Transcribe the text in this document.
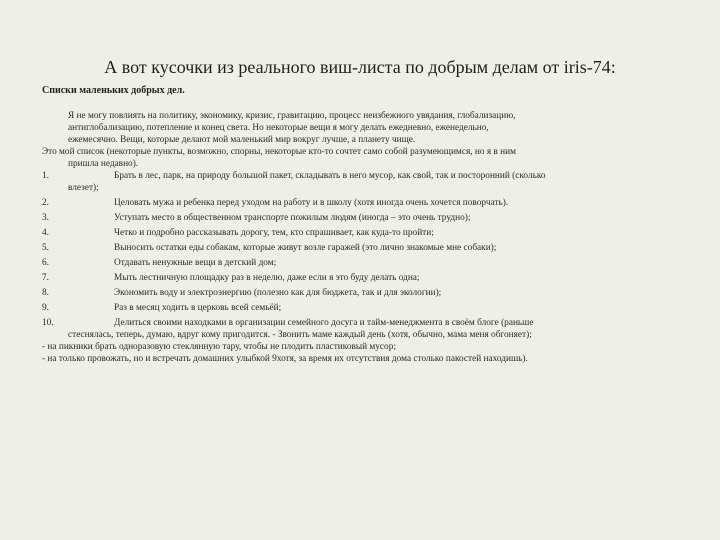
А вот кусочки из реального виш-листа по добрым делам от iris-74:
Списки маленьких добрых дел.

Я не могу повлиять на политику, экономику, кризис, гравитацию, процесс неизбежного увядания, глобализацию,
антиглобализацию, потепление и конец света. Но некоторые вещи я могу делать ежедневно, еженедельно,
ежемесячно. Вещи, которые делают мой маленький мир вокруг лучше, а планету чище.

Это мой список (некоторые пункты, возможно, спорны, некоторые кто-то сочтет само собой разумеющимся, но я в ним
пришла недавно).

1.	Брать в лес, парк, на природу большой пакет, складывать в него мусор, как свой, так и посторонний (сколько
влезет);
2.	Целовать мужа и ребенка перед уходом на работу и в школу (хотя иногда очень хочется поворчать).
3.	Уступать место в общественном транспорте пожилым людям (иногда – это очень трудно);
4.	Четко и подробно рассказывать дорогу, тем, кто спрашивает, как куда-то пройти;
5.	Выносить остатки еды собакам, которые живут возле гаражей (это лично знакомые мне собаки);
6.	Отдавать ненужные вещи в детский дом;
7.	Мыть лестничную площадку раз в неделю, даже если я это буду делать одна;
8.	Экономить воду и электроэнергию (полезно как для бюджета, так и для экологии);
9.	Раз в месяц ходить в церковь всей семьёй;
10.	Делиться своими находками в организации семейного досуга и тайм-менеджмента в своём блоге (раньше
стеснялась, теперь, думаю, вдруг кому пригодится. - Звонить маме каждый день (хотя, обычно, мама меня обгоняет);

- на пикники брать одноразовую стеклянную тару, чтобы не плодить пластиковый мусор;

- на только провожать, но и встречать домашних улыбкой 9хотя, за время их отсутствия дома столько пакостей находишь).
